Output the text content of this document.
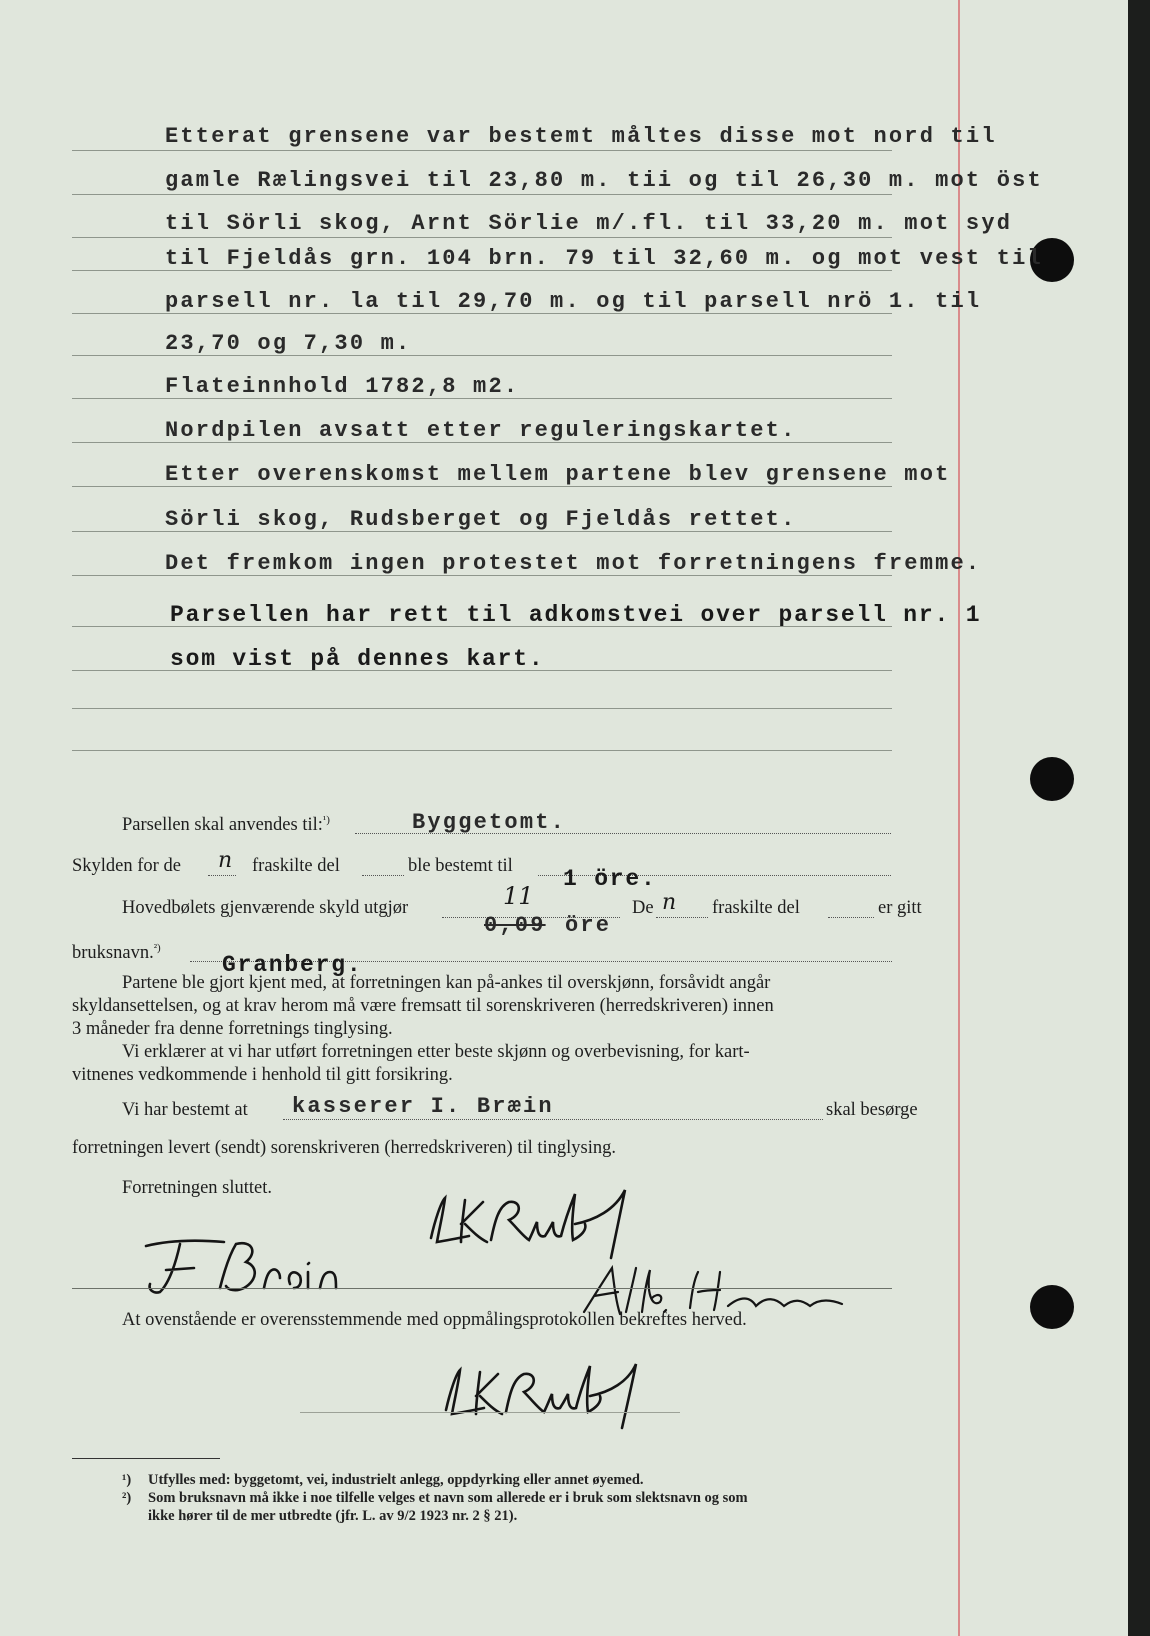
Etterat grensene var bestemt måltes disse mot nord til
gamle Rælingsvei til 23,80 m. tii og til 26,30 m. mot öst
til Sörli skog, Arnt Sörlie m/.fl. til 33,20 m. mot syd
til Fjeldås grn. 104 brn. 79 til 32,60 m. og mot vest til
parsell nr. la til 29,70 m. og til parsell nrö 1. til
23,70 og 7,30 m.
Flateinnhold 1782,8 m2.
Nordpilen avsatt etter reguleringskartet.
Etter overenskomst mellem partene blev grensene mot
Sörli skog, Rudsberget og Fjeldås rettet.
Det fremkom ingen protestet mot forretningens fremme.
Parsellen har rett til adkomstvei over parsell nr. 1
som vist på dennes kart.
Parsellen skal anvendes til:$^{^1)}$	Byggetomt.
Skylden for de n fraskilte del	ble bestemt til 1 öre.
Hovedbølets gjenværende skyld utgjør	11
0,09 öre
De n fraskilte del	er gitt
bruksnavn.$^{^2)}$
Granberg.
Partene ble gjort kjent med, at forretningen kan på-ankes til overskjønn, forsåvidt angår
skyldansettelsen, og at krav herom må være fremsatt til sorenskriveren (herredskriveren) innen
3 måneder fra denne forretnings tinglysing.
Vi erklærer at vi har utført forretningen etter beste skjønn og overbevisning, for kart-
vitnenes vedkommende i henhold til gitt forsikring.
Vi har bestemt at kasserer I. Bræin	skal besørge
forretningen levert (sendt) sorenskriveren (herredskriveren) til tinglysing.
Forretningen sluttet.
At ovenstående er overensstemmende med oppmålingsprotokollen bekreftes herved.
¹) Utfylles med: byggetomt, vei, industrielt anlegg, oppdyrking eller annet øyemed.
²) Som bruksnavn må ikke i noe tilfelle velges et navn som allerede er i bruk som slektsnavn og som
ikke hører til de mer utbredte (jfr. L. av 9/2 1923 nr. 2 § 21).
